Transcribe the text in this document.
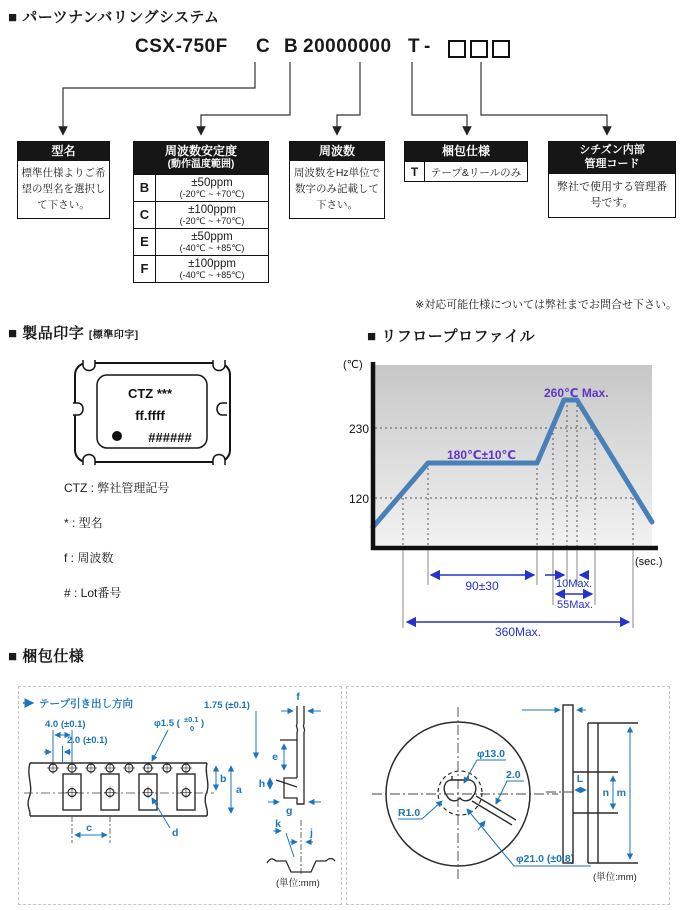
■ パーツナンバリングシステム
CSX-750F C B 20000000 T -
型名
標準仕様よりご希望の型名を選択して下さい。
周波数安定度
(動作温度範囲)
B	±50ppm
(-20℃ ~ +70℃)
C	±100ppm
(-20℃ ~ +70℃)
E	±50ppm
(-40℃ ~ +85℃)
F	±100ppm
(-40℃ ~ +85℃)
周波数
周波数をHz単位で数字のみ記載して下さい。
梱包仕様
T	テープ&リールのみ
シチズン内部
管理コード
弊社で使用する管理番号です。
※対応可能仕様については弊社までお問合せ下さい。
■ 製品印字 [標準印字]
CTZ ***
ff.ffff
######
CTZ : 弊社管理記号
* : 型名
f : 周波数
# : Lot番号
■ リフロープロファイル
(℃)
230
120
(sec.)
260℃ Max.
180℃±10℃
90±30	10Max.
55Max.
360Max.
■ 梱包仕様
テープ引き出し方向
4.0 (±0.1)
2.0 (±0.1)
φ1.5 ( ±0.1
0 )
1.75 (±0.1)
c	d
b
a
f
e
h
g
k
j
(単位:mm)
φ13.0
2.0
R1.0
φ21.0 (±0.8)
L
n m
(単位:mm)
